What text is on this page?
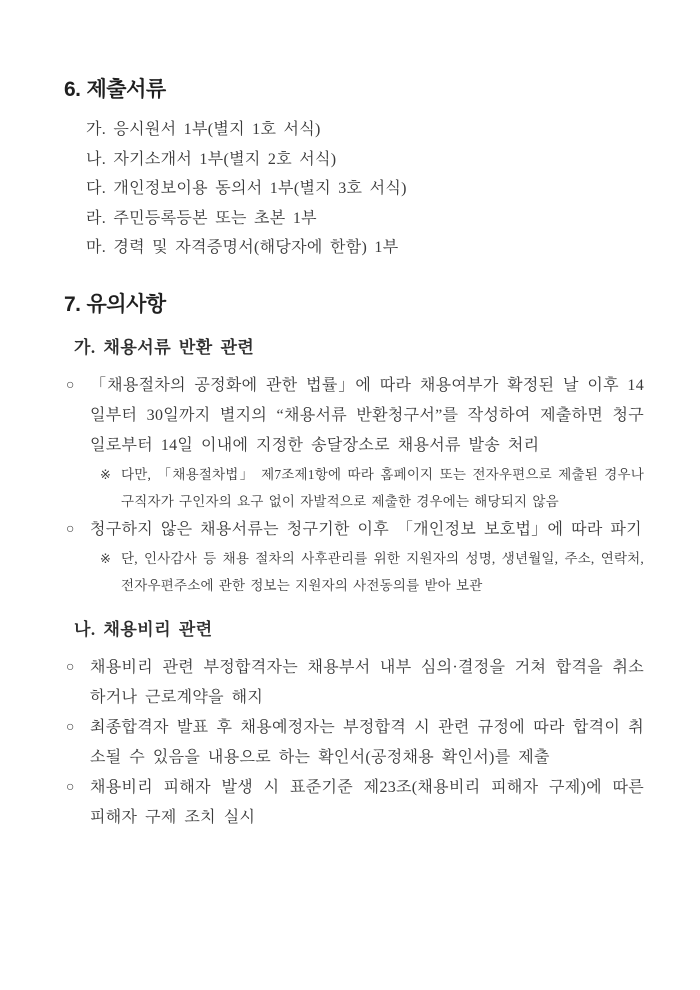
6. 제출서류
가. 응시원서 1부(별지 1호 서식)
나. 자기소개서 1부(별지 2호 서식)
다. 개인정보이용 동의서 1부(별지 3호 서식)
라. 주민등록등본 또는 초본 1부
마. 경력 및 자격증명서(해당자에 한함) 1부
7. 유의사항
가. 채용서류 반환 관련
○ 「채용절차의 공정화에 관한 법률」에 따라 채용여부가 확정된 날 이후 14일부터 30일까지 별지의 “채용서류 반환청구서”를 작성하여 제출하면 청구일로부터 14일 이내에 지정한 송달장소로 채용서류 발송 처리
※ 다만, 「채용절차법」 제7조제1항에 따라 홈페이지 또는 전자우편으로 제출된 경우나 구직자가 구인자의 요구 없이 자발적으로 제출한 경우에는 해당되지 않음
○ 청구하지 않은 채용서류는 청구기한 이후 「개인정보 보호법」에 따라 파기
※ 단, 인사감사 등 채용 절차의 사후관리를 위한 지원자의 성명, 생년월일, 주소, 연락처, 전자우편주소에 관한 정보는 지원자의 사전동의를 받아 보관
나. 채용비리 관련
○ 채용비리 관련 부정합격자는 채용부서 내부 심의·결정을 거쳐 합격을 취소하거나 근로계약을 해지
○ 최종합격자 발표 후 채용예정자는 부정합격 시 관련 규정에 따라 합격이 취소될 수 있음을 내용으로 하는 확인서(공정채용 확인서)를 제출
○ 채용비리 피해자 발생 시 표준기준 제23조(채용비리 피해자 구제)에 따른 피해자 구제 조치 실시
